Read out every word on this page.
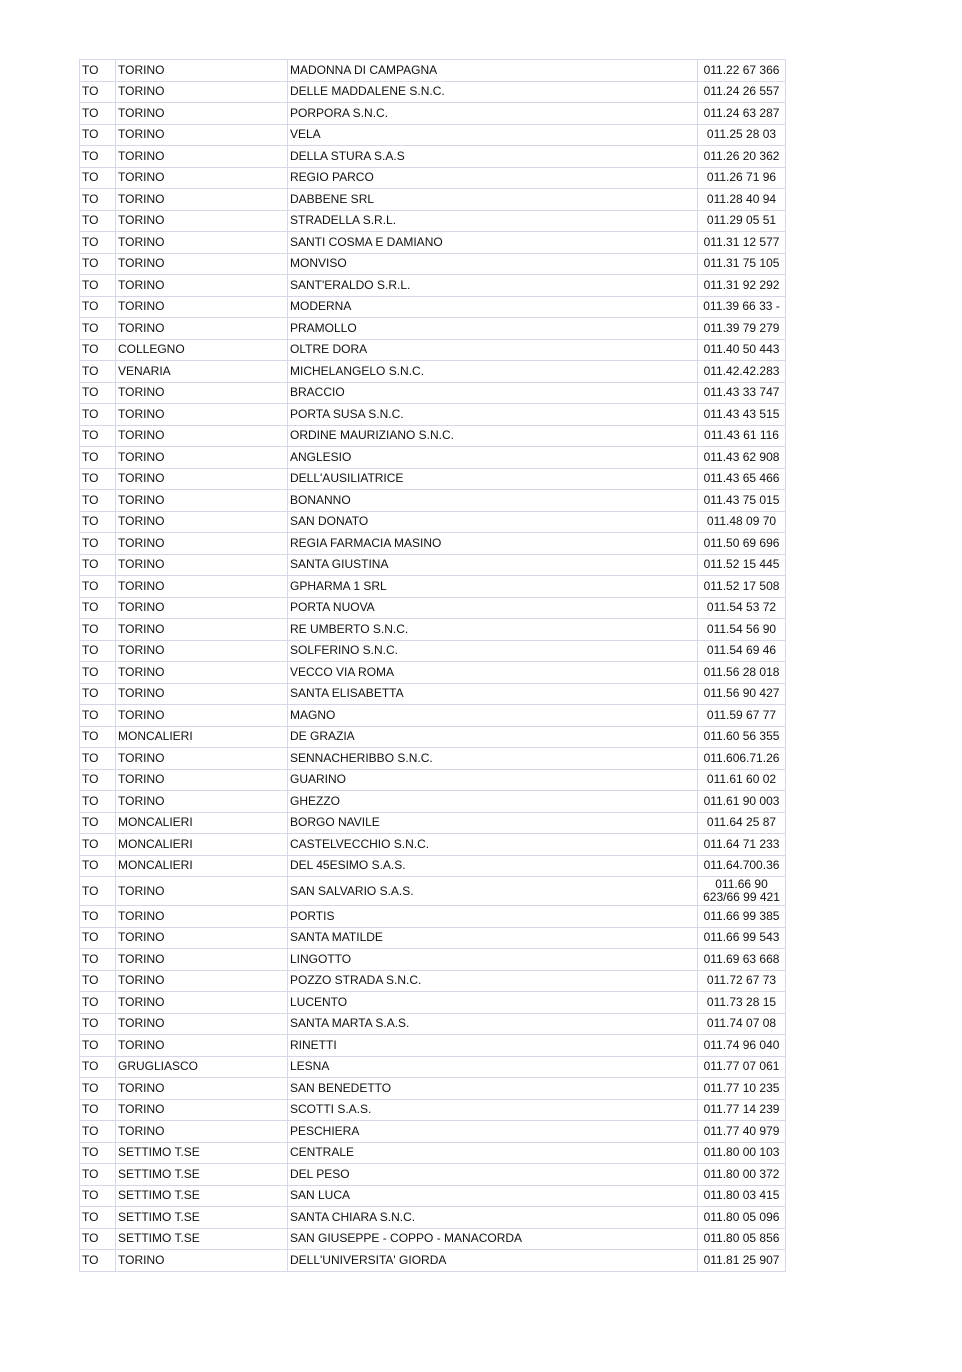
TO	TORINO	MADONNA DI CAMPAGNA	011.22 67 366
TO	TORINO	DELLE MADDALENE S.N.C.	011.24 26 557
TO	TORINO	PORPORA S.N.C.	011.24 63 287
TO	TORINO	VELA	011.25 28 03
TO	TORINO	DELLA STURA S.A.S	011.26 20 362
TO	TORINO	REGIO PARCO	011.26 71 96
TO	TORINO	DABBENE SRL	011.28 40 94
TO	TORINO	STRADELLA S.R.L.	011.29 05 51
TO	TORINO	SANTI COSMA E DAMIANO	011.31 12 577
TO	TORINO	MONVISO	011.31 75 105
TO	TORINO	SANT'ERALDO S.R.L.	011.31 92 292
TO	TORINO	MODERNA	011.39 66 33 -
TO	TORINO	PRAMOLLO	011.39 79 279
TO	COLLEGNO	OLTRE DORA	011.40 50 443
TO	VENARIA	MICHELANGELO S.N.C.	011.42.42.283
TO	TORINO	BRACCIO	011.43 33 747
TO	TORINO	PORTA SUSA S.N.C.	011.43 43 515
TO	TORINO	ORDINE MAURIZIANO S.N.C.	011.43 61 116
TO	TORINO	ANGLESIO	011.43 62 908
TO	TORINO	DELL'AUSILIATRICE	011.43 65 466
TO	TORINO	BONANNO	011.43 75 015
TO	TORINO	SAN DONATO	011.48 09 70
TO	TORINO	REGIA FARMACIA MASINO	011.50 69 696
TO	TORINO	SANTA GIUSTINA	011.52 15 445
TO	TORINO	GPHARMA 1 SRL	011.52 17 508
TO	TORINO	PORTA NUOVA	011.54 53 72
TO	TORINO	RE UMBERTO S.N.C.	011.54 56 90
TO	TORINO	SOLFERINO S.N.C.	011.54 69 46
TO	TORINO	VECCO VIA ROMA	011.56 28 018
TO	TORINO	SANTA ELISABETTA	011.56 90 427
TO	TORINO	MAGNO	011.59 67 77
TO	MONCALIERI	DE GRAZIA	011.60 56 355
TO	TORINO	SENNACHERIBBO S.N.C.	011.606.71.26
TO	TORINO	GUARINO	011.61 60 02
TO	TORINO	GHEZZO	011.61 90 003
TO	MONCALIERI	BORGO NAVILE	011.64 25 87
TO	MONCALIERI	CASTELVECCHIO S.N.C.	011.64 71 233
TO	MONCALIERI	DEL 45ESIMO S.A.S.	011.64.700.36
TO	TORINO	SAN SALVARIO S.A.S.	011.66 90 623/66 99 421
TO	TORINO	PORTIS	011.66 99 385
TO	TORINO	SANTA MATILDE	011.66 99 543
TO	TORINO	LINGOTTO	011.69 63 668
TO	TORINO	POZZO STRADA S.N.C.	011.72 67 73
TO	TORINO	LUCENTO	011.73 28 15
TO	TORINO	SANTA MARTA S.A.S.	011.74 07 08
TO	TORINO	RINETTI	011.74 96 040
TO	GRUGLIASCO	LESNA	011.77 07 061
TO	TORINO	SAN BENEDETTO	011.77 10 235
TO	TORINO	SCOTTI S.A.S.	011.77 14 239
TO	TORINO	PESCHIERA	011.77 40 979
TO	SETTIMO T.SE	CENTRALE	011.80 00 103
TO	SETTIMO T.SE	DEL PESO	011.80 00 372
TO	SETTIMO T.SE	SAN LUCA	011.80 03 415
TO	SETTIMO T.SE	SANTA CHIARA S.N.C.	011.80 05 096
TO	SETTIMO T.SE	SAN GIUSEPPE - COPPO - MANACORDA	011.80 05 856
TO	TORINO	DELL'UNIVERSITA' GIORDA	011.81 25 907
